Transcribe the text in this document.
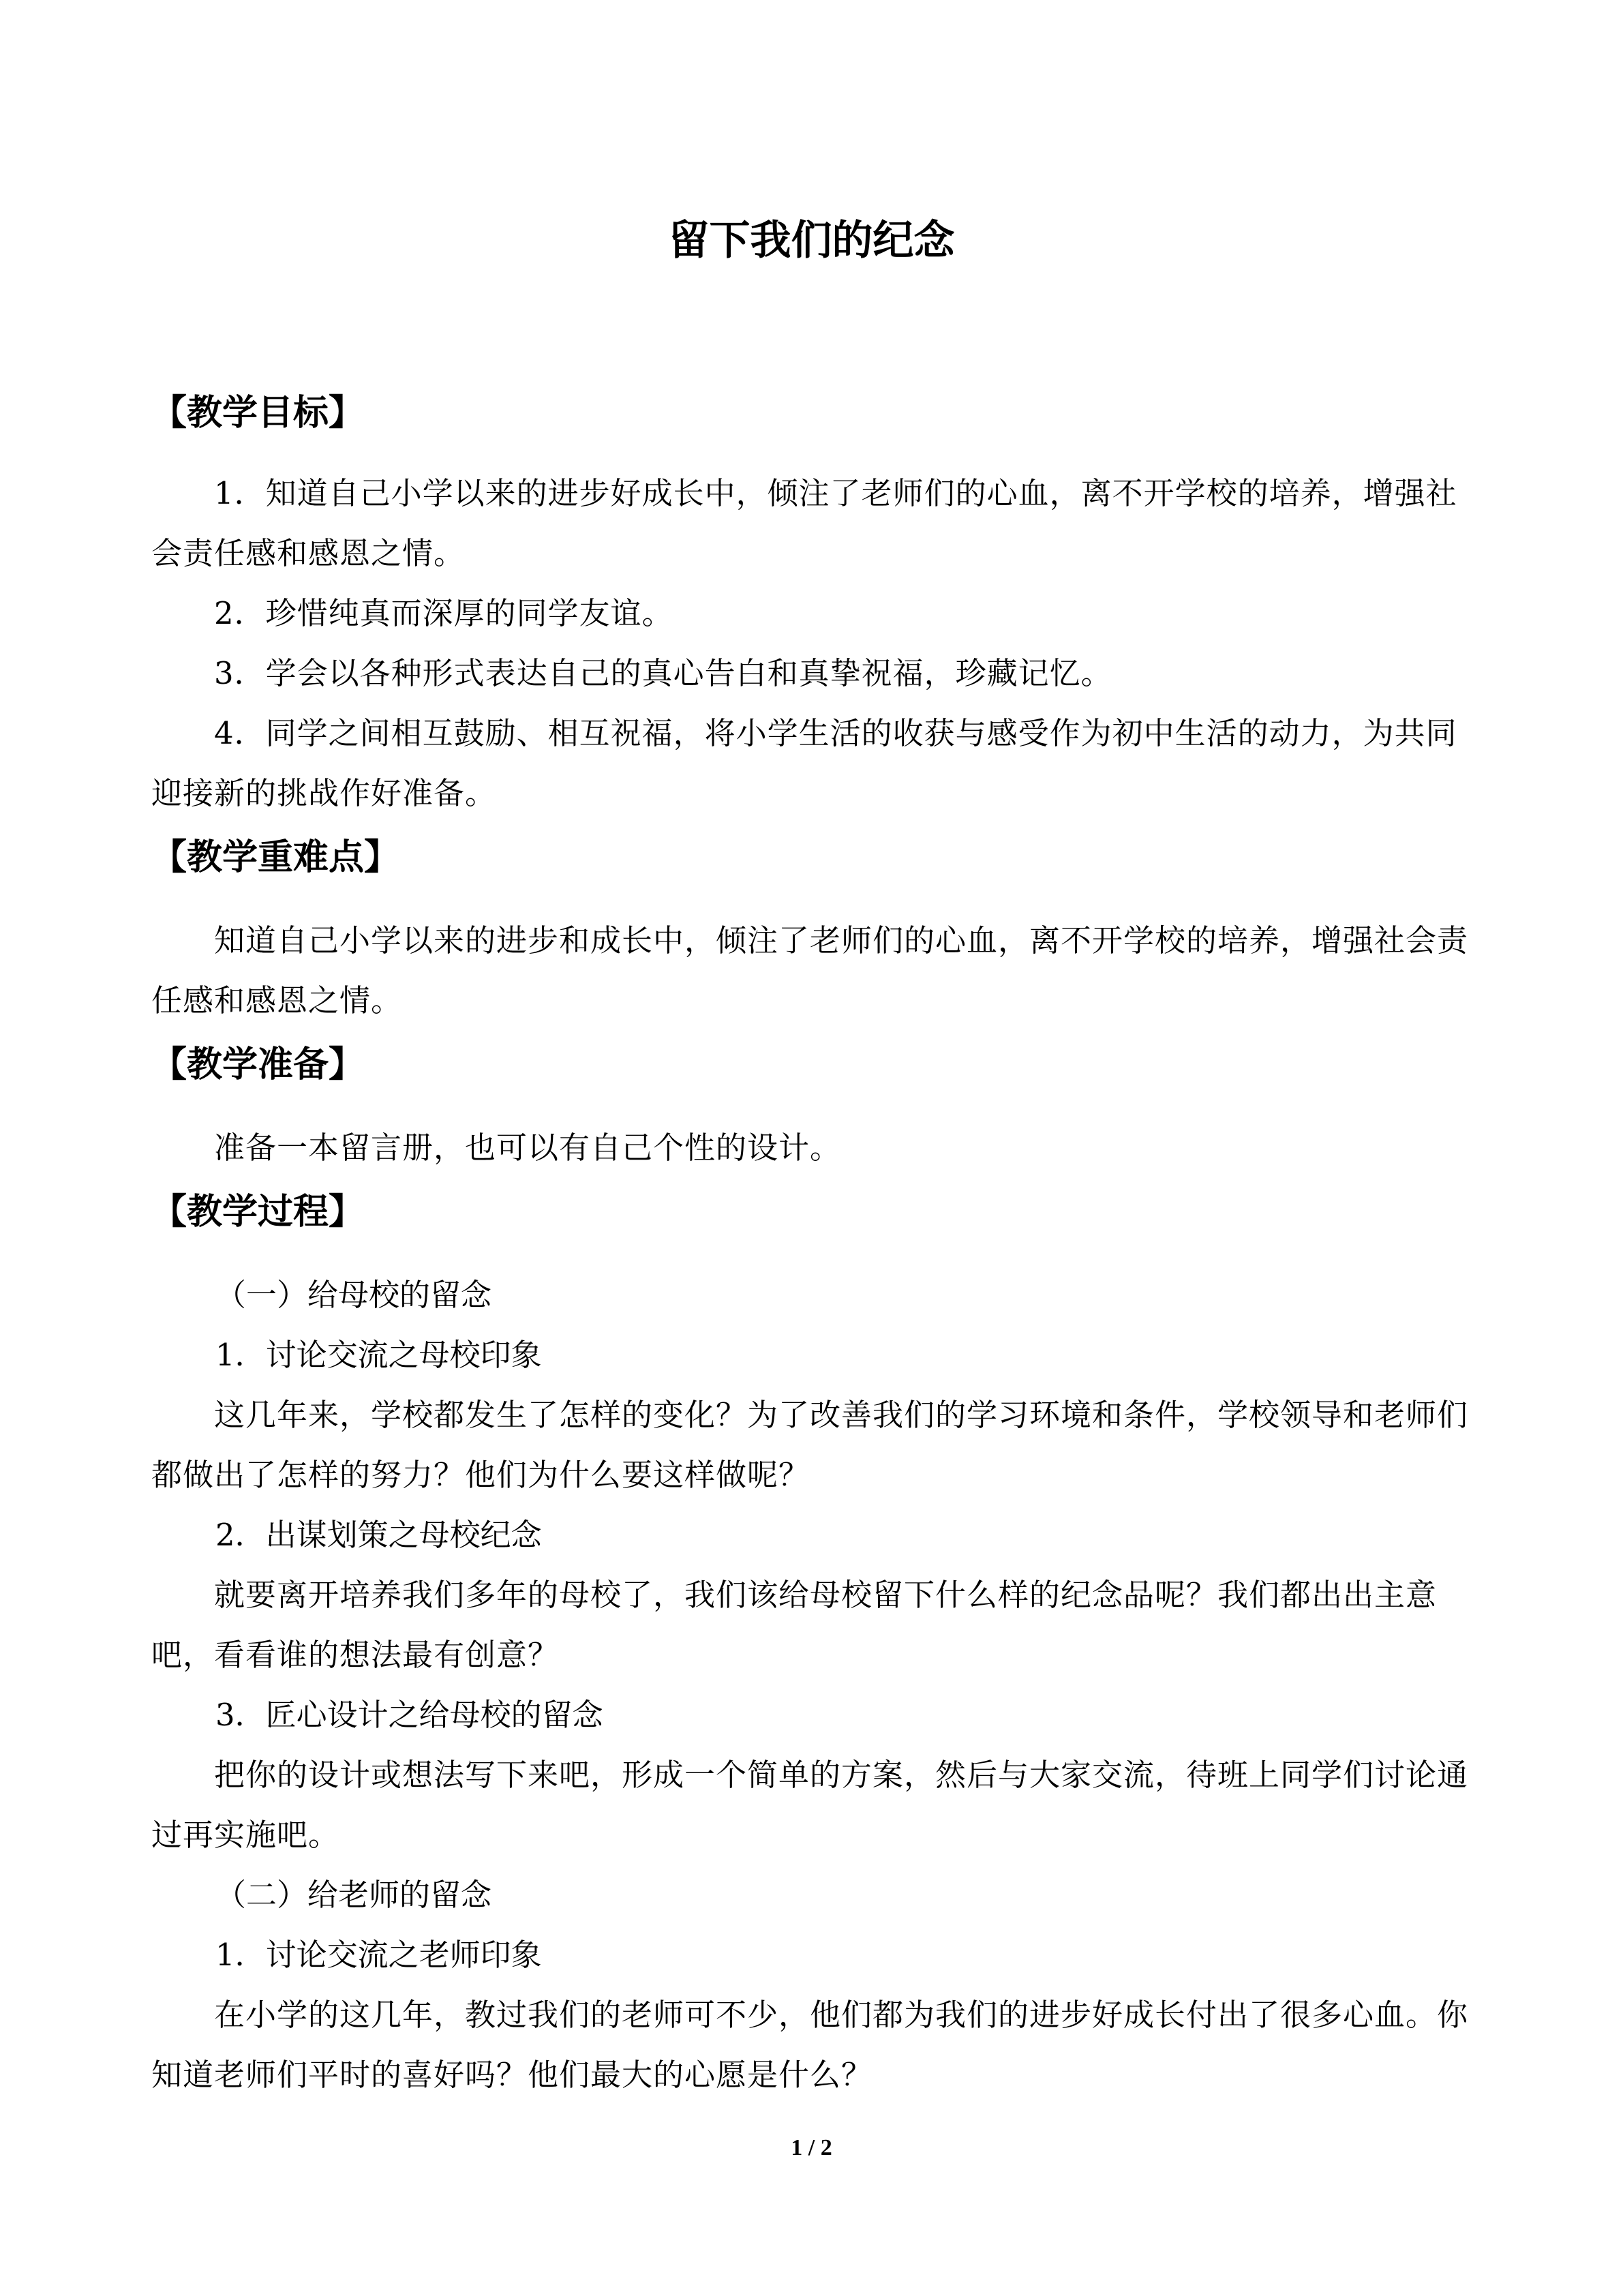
留下我们的纪念
【教学目标】

1．知道自己小学以来的进步好成长中，倾注了老师们的心血，离不开学校的培养，增强社会责任感和感恩之情。

2．珍惜纯真而深厚的同学友谊。

3．学会以各种形式表达自己的真心告白和真挚祝福，珍藏记忆。

4．同学之间相互鼓励、相互祝福，将小学生活的收获与感受作为初中生活的动力，为共同迎接新的挑战作好准备。

【教学重难点】

知道自己小学以来的进步和成长中，倾注了老师们的心血，离不开学校的培养，增强社会责任感和感恩之情。

【教学准备】

准备一本留言册，也可以有自己个性的设计。

【教学过程】

（一）给母校的留念

1．讨论交流之母校印象

这几年来，学校都发生了怎样的变化？为了改善我们的学习环境和条件，学校领导和老师们都做出了怎样的努力？他们为什么要这样做呢？

2．出谋划策之母校纪念

就要离开培养我们多年的母校了，我们该给母校留下什么样的纪念品呢？我们都出出主意吧，看看谁的想法最有创意？

3．匠心设计之给母校的留念

把你的设计或想法写下来吧，形成一个简单的方案，然后与大家交流，待班上同学们讨论通过再实施吧。

（二）给老师的留念

1．讨论交流之老师印象

在小学的这几年，教过我们的老师可不少，他们都为我们的进步好成长付出了很多心血。你知道老师们平时的喜好吗？他们最大的心愿是什么？

1 / 2
